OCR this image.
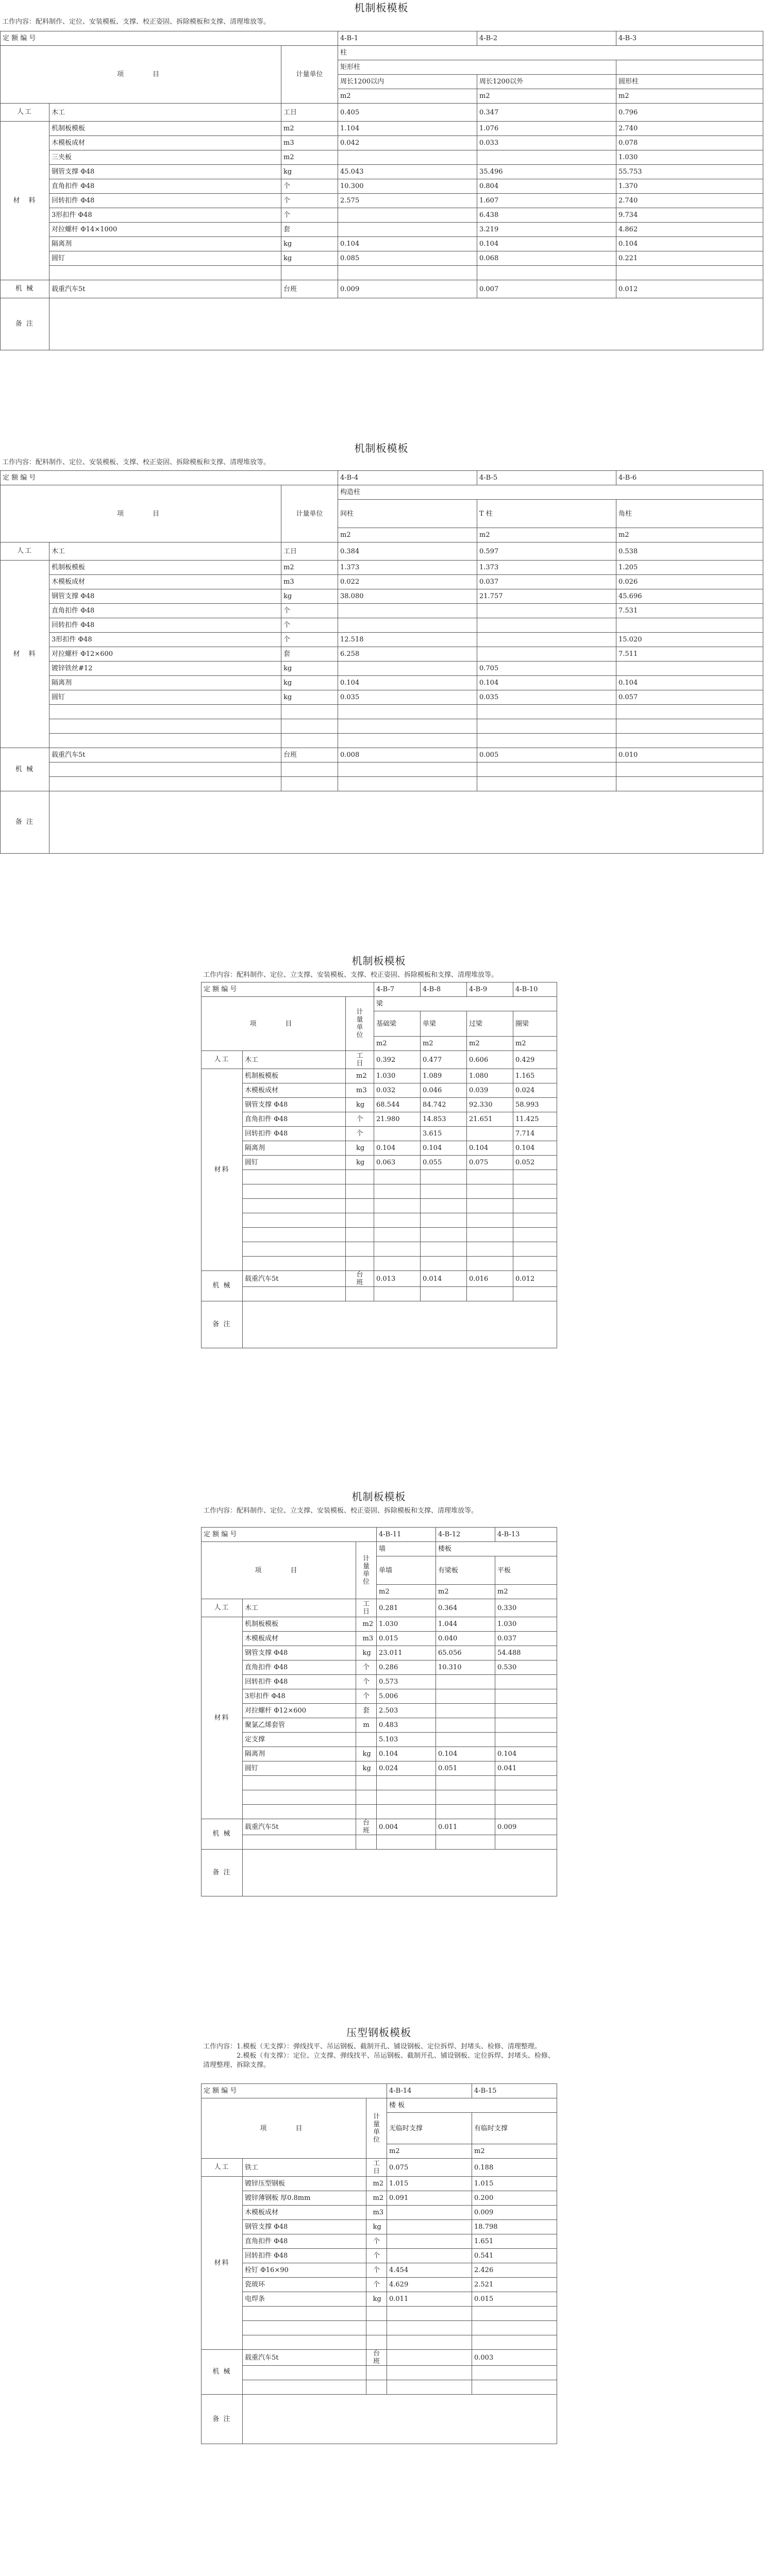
机制板模板
工作内容：配料制作、定位、安装模板、支撑、校正姿固、拆除模板和支撑、清理堆放等。
定 额 编 号			4-B-1	4-B-2	4-B-3
项　　目		计量单位	柱		
			矩形柱		
			周长1200以内	周长1200以外	圆形柱
			m2	m2	m2
人工	木工	工日	0.405	0.347	0.796
材　料	机制板模板	m2	1.104	1.076	2.740
	木模板成材	m3	0.042	0.033	0.078
	三夹板	m2			1.030
	钢管支撑 Φ48	kg	45.043	35.496	55.753
	直角扣件 Φ48	个	10.300	0.804	1.370
	回转扣件 Φ48	个	2.575	1.607	2.740
	3形扣件 Φ48	个		6.438	9.734
	对拉螺杆 Φ14×1000	套		3.219	4.862
	隔离剂	kg	0.104	0.104	0.104
	圆钉	kg	0.085	0.068	0.221

机 械	载重汽车5t	台班	0.009	0.007	0.012
备 注					
机制板模板
工作内容：配料制作、定位、安装模板、支撑、校正姿固、拆除模板和支撑、清理堆放等。
定 额 编 号			4-B-4	4-B-5	4-B-6
项　　目		计量单位	构造柱		
			间柱	T 柱	角柱
			m2	m2	m2
人工	木工	工日	0.384	0.597	0.538
材　料	机制板模板	m2	1.373	1.373	1.205
	木模板成材	m3	0.022	0.037	0.026
	钢管支撑 Φ48	kg	38.080	21.757	45.696
	直角扣件 Φ48	个			7.531
	回转扣件 Φ48	个			
	3形扣件 Φ48	个	12.518		15.020
	对拉螺杆 Φ12×600	套	6.258		7.511
	镀锌铁丝#12	kg		0.705	
	隔离剂	kg	0.104	0.104	0.104
	圆钉	kg	0.035	0.035	0.057

机 械	载重汽车5t	台班	0.008	0.005	0.010

备 注					
机制板模板
工作内容：配料制作、定位、立支撑、安装模板、支撑、校正姿固、拆除模板和支撑、清理堆放等。
定 额 编 号			4-B-7	4-B-8	4-B-9	4-B-10
项　　目		计量单位	梁			
			基础梁	单梁	过梁	圈梁
			m2	m2	m2	m2
人工	木工	工日	0.392	0.477	0.606	0.429
材料	机制板模板	m2	1.030	1.089	1.080	1.165
	木模板成材	m3	0.032	0.046	0.039	0.024
	钢管支撑 Φ48	kg	68.544	84.742	92.330	58.993
	直角扣件 Φ48	个	21.980	14.853	21.651	11.425
	回转扣件 Φ48	个		3.615		7.714
	隔离剂	kg	0.104	0.104	0.104	0.104
	圆钉	kg	0.063	0.055	0.075	0.052

机 械	载重汽车5t	台班	0.013	0.014	0.016	0.012

备 注						
机制板模板
工作内容：配料制作、定位、立支撑、安装模板、校正姿固、拆除模板和支撑、清理堆放等。
定 额 编 号			4-B-11	4-B-12	4-B-13
项　　目		计量单位	墙	楼板	
			单墙	有梁板	平板
			m2	m2	m2
人工	木工	工日	0.281	0.364	0.330
材料	机制板模板	m2	1.030	1.044	1.030
	木模板成材	m3	0.015	0.040	0.037
	钢管支撑 Φ48	kg	23.011	65.056	54.488
	直角扣件 Φ48	个	0.286	10.310	0.530
	回转扣件 Φ48	个	0.573		
	3形扣件 Φ48	个	5.006		
	对拉螺杆 Φ12×600	套	2.503		
	聚氯乙烯套管	m	0.483		
	定支撑		5.103		
	隔离剂	kg	0.104	0.104	0.104
	圆钉	kg	0.024	0.051	0.041

机 械	载重汽车5t	台班	0.004	0.011	0.009

备 注					
压型钢板模板
工作内容：1.模板（无支撑）：弹线找平、吊运钢板、截制开孔、铺设钢板、定位拆焊、封堵头、检修、清理整理。
　　　　　2.模板（有支撑）：定位、立支撑、弹线找平、吊运钢板、截制开孔、铺设钢板、定位拆焊、封堵头、检修、清理整理、拆除支撑。
定 额 编 号			4-B-14	4-B-15
项　　目		计量单位	楼 板	
			无临时支撑	有临时支撑
			m2	m2
人工	铁工	工日	0.075	0.188
材料	镀锌压型钢板	m2	1.015	1.015
	镀锌薄钢板 厚0.8mm	m2	0.091	0.200
	木模板成材	m3		0.009
	钢管支撑 Φ48	kg		18.798
	直角扣件 Φ48	个		1.651
	回转扣件 Φ48	个		0.541
	栓钉 Φ16×90	个	4.454	2.426
	瓷玻环	个	4.629	2.521
	电焊条	kg	0.011	0.015

机 械	载重汽车5t	台班		0.003

备 注				
